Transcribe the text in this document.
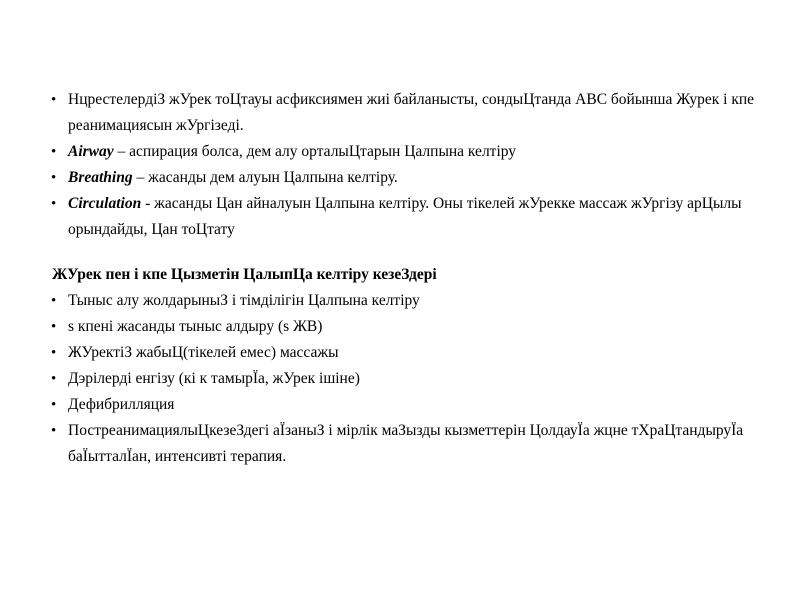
• НцрестелердіЗ жУрек тоЦтауы асфиксиямен жиі байланысты, сондыЦтанда АВС бойынша Журек і кпе реанимациясын жУргізеді.
• Airway – аспирация болса, дем алу орталыЦтарын Цалпына келтіру
• Breathing – жасанды дем алуын Цалпына келтіру.
• Circulation - жасанды Цан айналуын Цалпына келтіру. Оны тікелей жУрекке массаж жУргізу арЦылы орындайды, Цан тоЦтату
ЖУрек пен і кпе Цызметін ЦалыпЦа келтіру кезеЗдері
• Тыныс алу жолдарыныЗ і тімділігін Цалпына келтіру
• s кпені жасанды тыныс алдыру (s ЖВ)
• ЖУректіЗ жабыЦ(тікелей емес) массажы
• Дэрілерді енгізу (кі к тамырЇа, жУрек ішіне)
• Дефибрилляция
• ПостреанимациялыЦкезеЗдегі аЇзаныЗ і мірлік маЗызды кызметтерін ЦолдауЇа жцне тХраЦтандыруЇа баЇытталЇан, интенсивті терапия.
